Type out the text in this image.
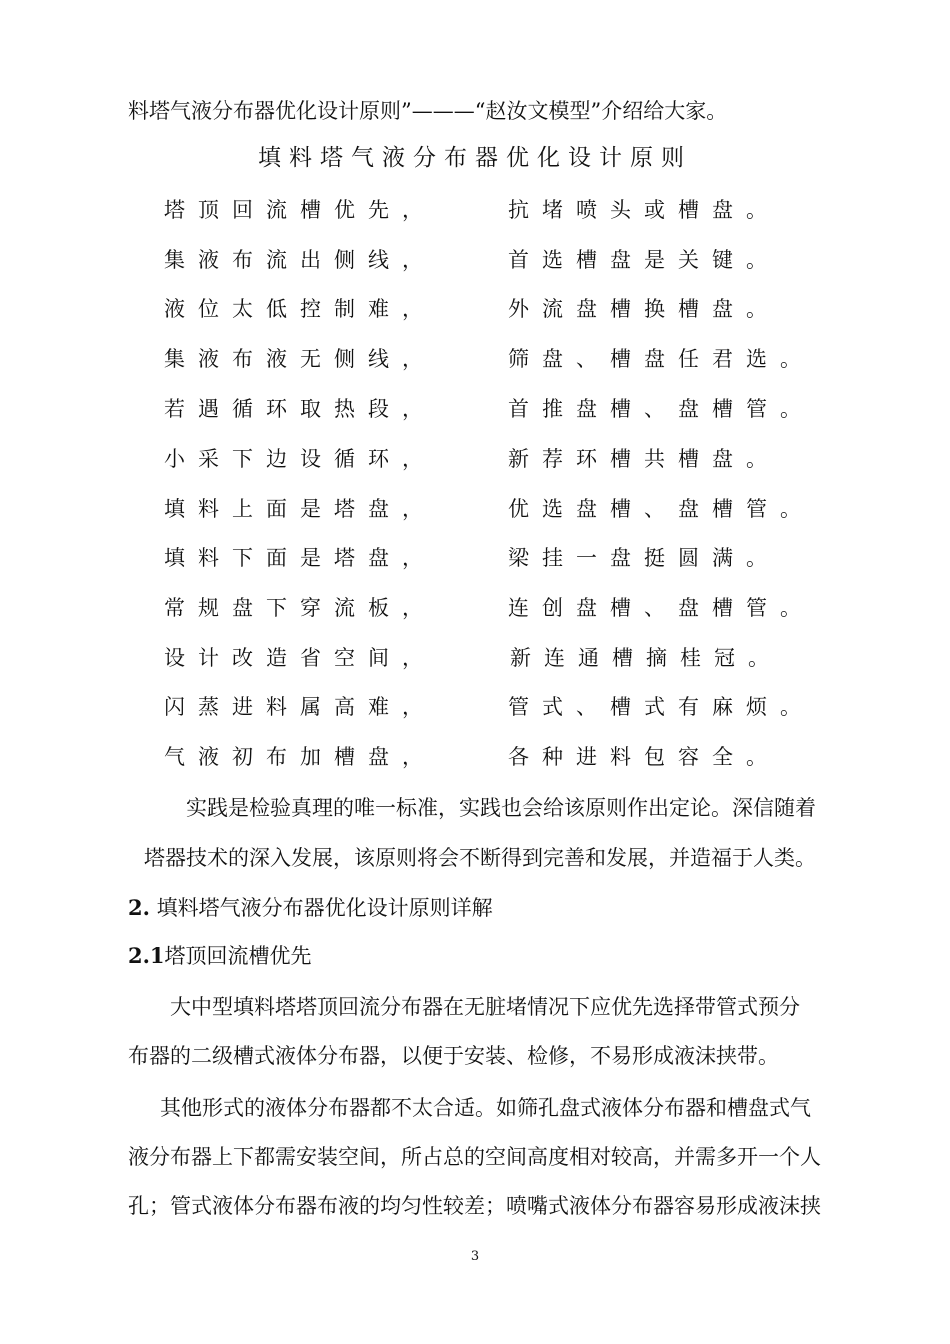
料塔气液分布器优化设计原则”———“赵汝文模型”介绍给大家。
填料塔气液分布器优化设计原则
塔顶回流槽优先，	抗堵喷头或槽盘。
集液布流出侧线，	首选槽盘是关键。
液位太低控制难，	外流盘槽换槽盘。
集液布液无侧线，	筛盘、槽盘任君选。
若遇循环取热段，	首推盘槽、盘槽管。
小采下边设循环，	新荐环槽共槽盘。
填料上面是塔盘，	优选盘槽、盘槽管。
填料下面是塔盘，	梁挂一盘挺圆满。
常规盘下穿流板，	连创盘槽、盘槽管。
设计改造省空间，	新连通槽摘桂冠。
闪蒸进料属高难，	管式、槽式有麻烦。
气液初布加槽盘，	各种进料包容全。
实践是检验真理的唯一标准，实践也会给该原则作出定论。深信随着
塔器技术的深入发展，该原则将会不断得到完善和发展，并造福于人类。
2. 填料塔气液分布器优化设计原则详解
2.1塔顶回流槽优先
大中型填料塔塔顶回流分布器在无脏堵情况下应优先选择带管式预分
布器的二级槽式液体分布器，以便于安装、检修，不易形成液沫挟带。
其他形式的液体分布器都不太合适。如筛孔盘式液体分布器和槽盘式气
液分布器上下都需安装空间，所占总的空间高度相对较高，并需多开一个人
孔；管式液体分布器布液的均匀性较差；喷嘴式液体分布器容易形成液沫挟
3
